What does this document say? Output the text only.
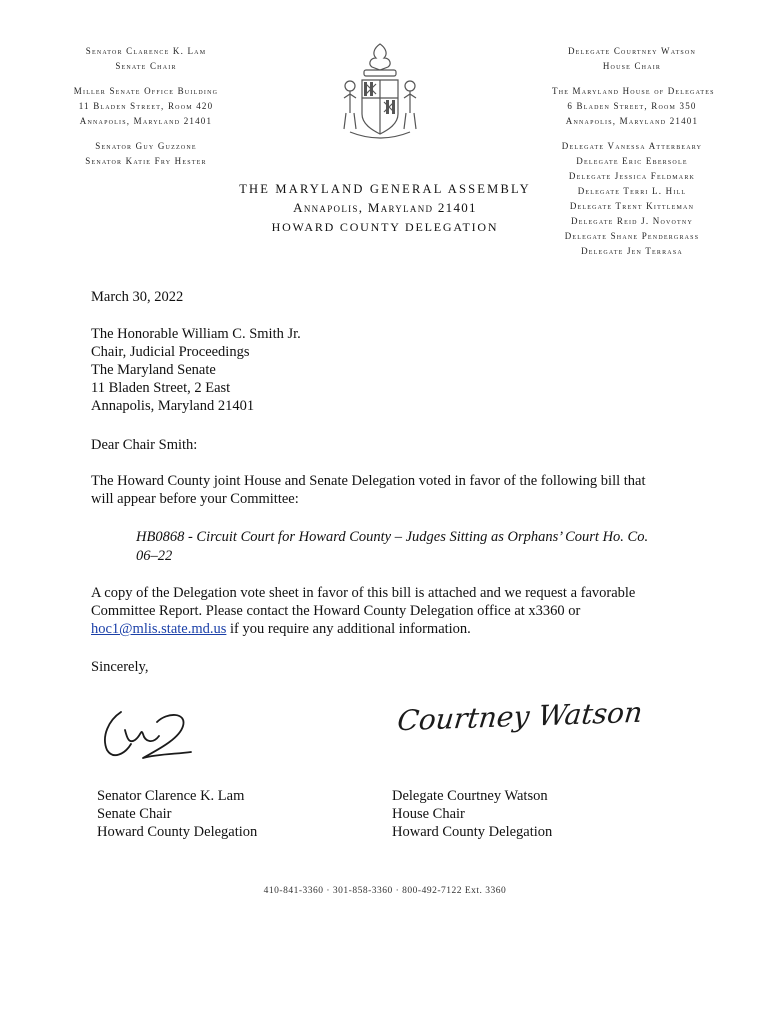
Senator Clarence K. Lam
Senate Chair
Miller Senate Office Building
11 Bladen Street, Room 420
Annapolis, Maryland 21401
Senator Guy Guzzone
Senator Katie Fry Hester
Delegate Courtney Watson
House Chair
The Maryland House of Delegates
6 Bladen Street, Room 350
Annapolis, Maryland 21401
Delegate Vanessa Atterbeary
Delegate Eric Ebersole
Delegate Jessica Feldmark
Delegate Terri L. Hill
Delegate Trent Kittleman
Delegate Reid J. Novotny
Delegate Shane Pendergrass
Delegate Jen Terrasa
THE MARYLAND GENERAL ASSEMBLY
Annapolis, Maryland 21401
HOWARD COUNTY DELEGATION
March 30, 2022
The Honorable William C. Smith Jr.
Chair, Judicial Proceedings
The Maryland Senate
11 Bladen Street, 2 East
Annapolis, Maryland 21401
Dear Chair Smith:
The Howard County joint House and Senate Delegation voted in favor of the following bill that
will appear before your Committee:
HB0868 - Circuit Court for Howard County – Judges Sitting as Orphans’ Court Ho. Co.
06–22
A copy of the Delegation vote sheet in favor of this bill is attached and we request a favorable
Committee Report. Please contact the Howard County Delegation office at x3360 or
hoc1@mlis.state.md.us if you require any additional information.
Sincerely,
Courtney Watson
Senator Clarence K. Lam
Senate Chair
Howard County Delegation
Delegate Courtney Watson
House Chair
Howard County Delegation
410-841-3360 · 301-858-3360 · 800-492-7122 Ext. 3360
